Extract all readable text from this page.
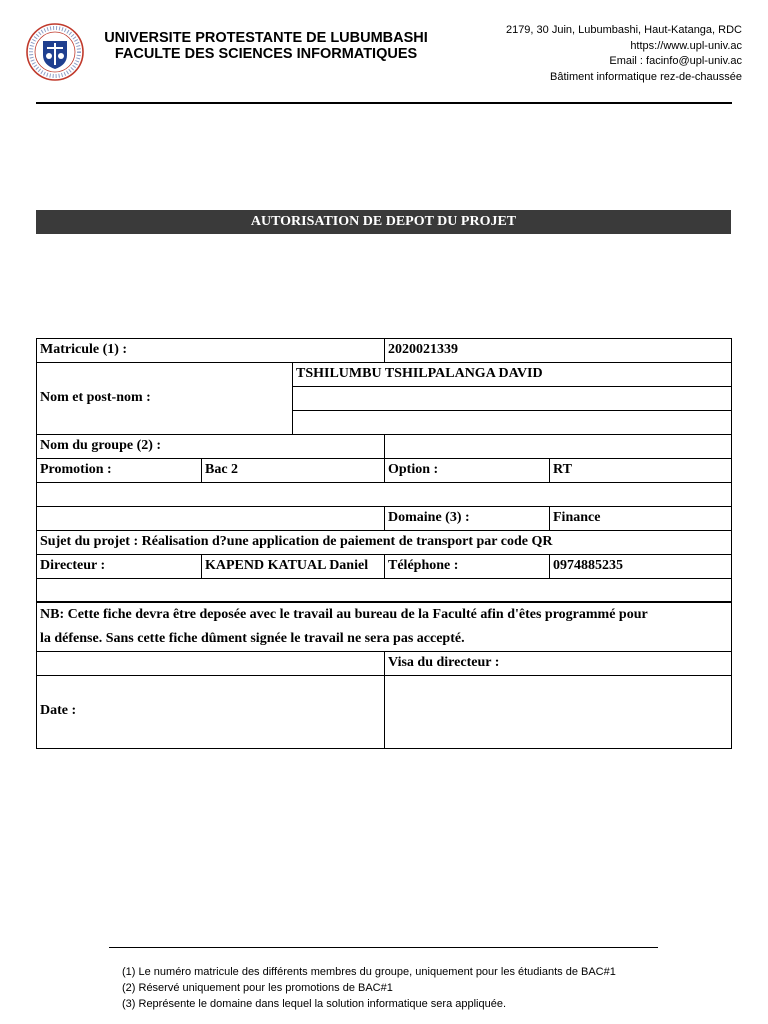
UNIVERSITE PROTESTANTE DE LUBUMBASHI
FACULTE DES SCIENCES INFORMATIQUES
2179, 30 Juin, Lubumbashi, Haut-Katanga, RDC
https://www.upl-univ.ac
Email : facinfo@upl-univ.ac
Bâtiment informatique rez-de-chaussée
AUTORISATION DE DEPOT DU PROJET
Matricule (1) :	2020021339
Nom et post-nom :
TSHILUMBU TSHILPALANGA DAVID
Nom du groupe (2) :
Promotion :	Bac 2	Option :	RT
Domaine (3) :	Finance
Sujet du projet : Réalisation d?une application de paiement de transport par code QR
Directeur :	KAPEND KATUAL Daniel	Téléphone :	0974885235
NB: Cette fiche devra être deposée avec le travail au bureau de la Faculté afin d'êtes programmé pour
la défense. Sans cette fiche dûment signée le travail ne sera pas accepté.
Visa du directeur :
Date :
(1) Le numéro matricule des différents membres du groupe, uniquement pour les étudiants de BAC#1
(2) Réservé uniquement pour les promotions de BAC#1
(3) Représente le domaine dans lequel la solution informatique sera appliquée.
